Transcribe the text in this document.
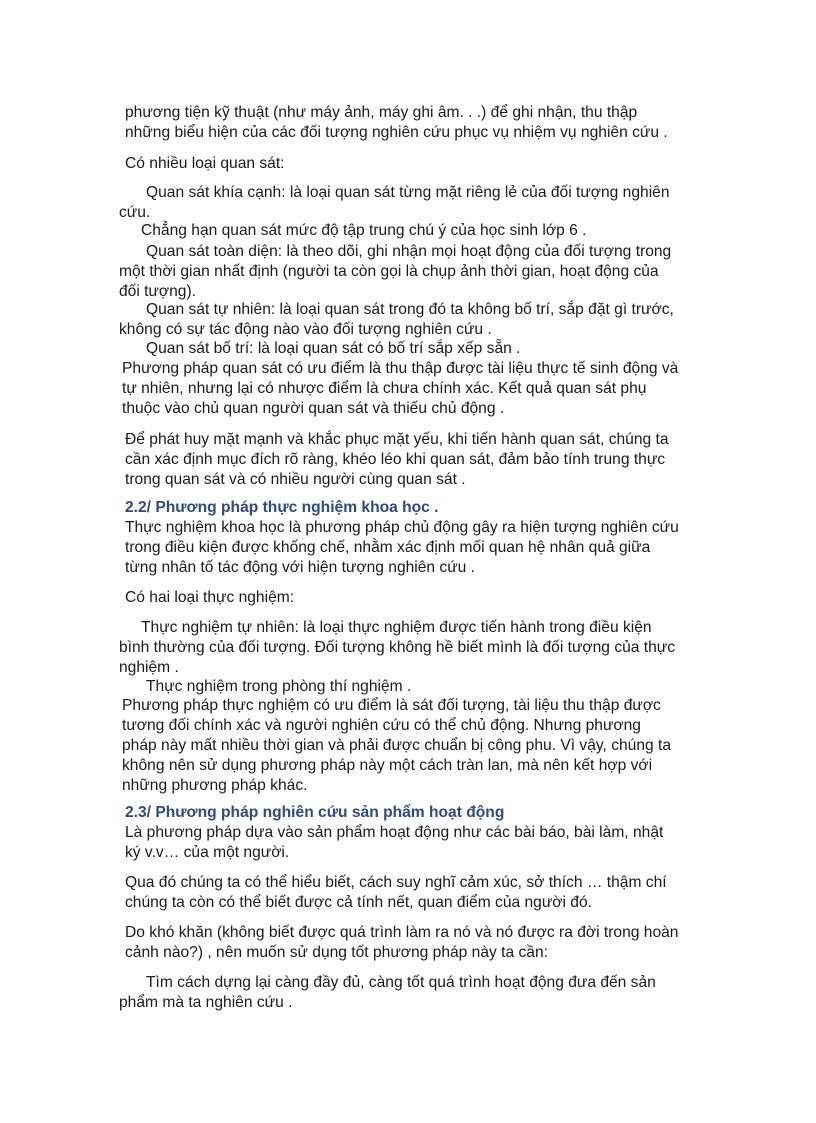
phương tiện kỹ thuật (như máy ảnh, máy ghi âm. . .) để ghi nhận, thu thập
những biểu hiện của các đối tượng nghiên cứu phục vụ nhiệm vụ nghiên cứu .
Có nhiều loại quan sát:
Quan sát khía cạnh: là loại quan sát từng mặt riêng lẻ của đối tượng nghiên
cứu.
Chẳng hạn quan sát mức độ tập trung chú ý của học sinh lớp 6 .
Quan sát toàn diện: là theo dõi, ghi nhận mọi hoạt động của đối tượng trong
một thời gian nhất định (người ta còn gọi là chụp ảnh thời gian, hoạt động của
đối tượng).
Quan sát tự nhiên: là loại quan sát trong đó ta không bố trí, sắp đặt gì trước,
không có sự tác động nào vào đối tượng nghiên cứu .
Quan sát bố trí: là loại quan sát có bố trí sắp xếp sẵn .
Phương pháp quan sát có ưu điểm là thu thập được tài liệu thực tế sinh động và
tự nhiên, nhưng lại có nhược điểm là chưa chính xác. Kết quả quan sát phụ
thuộc vào chủ quan người quan sát và thiếu chủ động .
Để phát huy mặt mạnh và khắc phục mặt yếu, khi tiến hành quan sát, chúng ta
cần xác định mục đích rõ ràng, khéo léo khi quan sát, đảm bảo tính trung thực
trong quan sát và có nhiều người cùng quan sát .
2.2/ Phương pháp thực nghiệm khoa học .
Thực nghiệm khoa học là phương pháp chủ động gây ra hiện tượng nghiên cứu
trong điều kiện được khống chế, nhằm xác định mối quan hệ nhân quả giữa
từng nhân tố tác động với hiện tượng nghiên cứu .
Có hai loại thực nghiệm:
Thực nghiệm tự nhiên: là loại thực nghiệm được tiến hành trong điều kiện
bình thường của đối tượng. Đối tượng không hề biết mình là đối tượng của thực
nghiệm .
Thực nghiệm trong phòng thí nghiệm .
Phương pháp thực nghiệm có ưu điểm là sát đối tượng, tài liệu thu thập được
tương đối chính xác và người nghiên cứu có thể chủ động. Nhưng phương
pháp này mất nhiều thời gian và phải được chuẩn bị công phu. Vì vậy, chúng ta
không nên sử dụng phương pháp này một cách tràn lan, mà nên kết hợp với
những phương pháp khác.
2.3/ Phương pháp nghiên cứu sản phẩm hoạt động
Là phương pháp dựa vào sản phẩm hoạt động như các bài báo, bài làm, nhật
ký v.v… của một người.
Qua đó chúng ta có thể hiểu biết, cách suy nghĩ cảm xúc, sở thích … thậm chí
chúng ta còn có thể biết được cả tính nết, quan điểm của người đó.
Do khó khăn (không biết được quá trình làm ra nó và nó được ra đời trong hoàn
cảnh nào?) , nên muốn sử dụng tốt phương pháp này ta cần:
Tìm cách dựng lại càng đầy đủ, càng tốt quá trình hoạt động đưa đến sản
phẩm mà ta nghiên cứu .
